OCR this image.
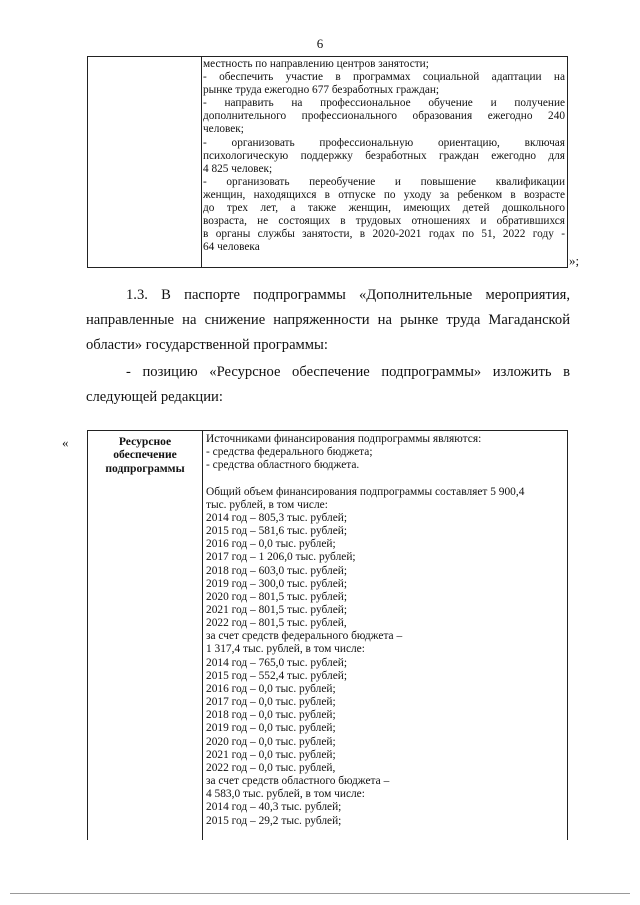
6

местность по направлению центров занятости;

- обеспечить участие в программах социальной адаптации на

рынке труда ежегодно 677 безработных граждан;

- направить на профессиональное обучение и получение

дополнительного профессионального образования ежегодно 240

человек;

- организовать профессиональную ориентацию, включая

психологическую поддержку безработных граждан ежегодно для

4 825 человек;

- организовать переобучение и повышение квалификации

женщин, находящихся в отпуске по уходу за ребенком в возрасте

до трех лет, а также женщин, имеющих детей дошкольного

возраста, не состоящих в трудовых отношениях и обратившихся

в органы службы занятости, в 2020-2021 годах по 51, 2022 году -

64 человека

»;
1.3. В паспорте подпрограммы «Дополнительные мероприятия,
направленные на снижение напряженности на рынке труда Магаданской
области» государственной программы:
- позицию «Ресурсное обеспечение подпрограммы» изложить в
следующей редакции:
«	Ресурсное обеспечение подпрограммы
Источниками финансирования подпрограммы являются:
- средства федерального бюджета;
- средства областного бюджета.
Общий объем финансирования подпрограммы составляет 5 900,4
тыс. рублей, в том числе:
2014 год – 805,3 тыс. рублей;
2015 год – 581,6 тыс. рублей;
2016 год – 0,0 тыс. рублей;
2017 год – 1 206,0 тыс. рублей;
2018 год – 603,0 тыс. рублей;
2019 год – 300,0 тыс. рублей;
2020 год – 801,5 тыс. рублей;
2021 год – 801,5 тыс. рублей;
2022 год – 801,5 тыс. рублей,
за счет средств федерального бюджета –
1 317,4 тыс. рублей, в том числе:
2014 год – 765,0 тыс. рублей;
2015 год – 552,4 тыс. рублей;
2016 год – 0,0 тыс. рублей;
2017 год – 0,0 тыс. рублей;
2018 год – 0,0 тыс. рублей;
2019 год – 0,0 тыс. рублей;
2020 год – 0,0 тыс. рублей;
2021 год – 0,0 тыс. рублей;
2022 год – 0,0 тыс. рублей,
за счет средств областного бюджета –
4 583,0 тыс. рублей, в том числе:
2014 год – 40,3 тыс. рублей;
2015 год – 29,2 тыс. рублей;
